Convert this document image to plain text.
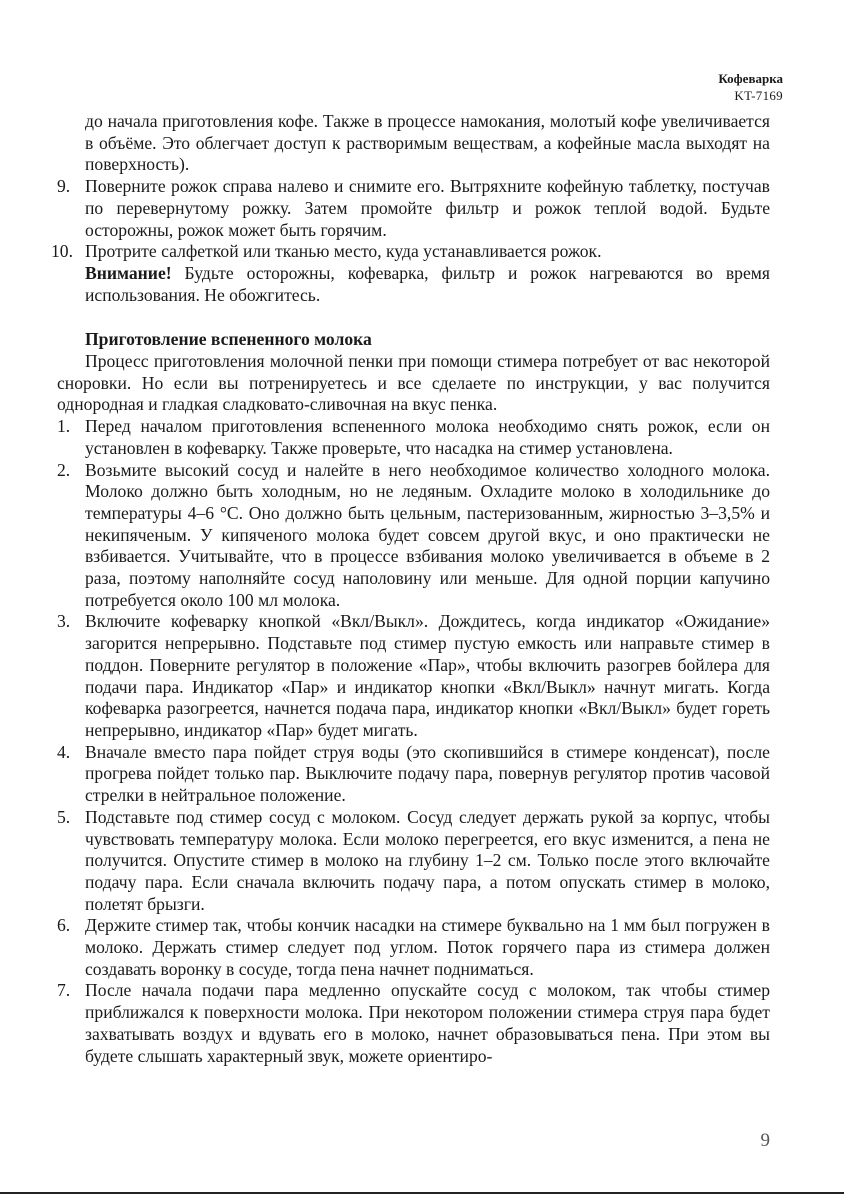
Кофеварка
KT-7169

до начала приготовления кофе. Также в процессе намокания, молотый кофе увеличивается в объёме. Это облегчает доступ к растворимым веществам, а кофейные масла выходят на поверхность).

9. Поверните рожок справа налево и снимите его. Вытряхните кофейную таблетку, постучав по перевернутому рожку. Затем промойте фильтр и рожок теплой водой. Будьте осторожны, рожок может быть горячим.
10. Протрите салфеткой или тканью место, куда устанавливается рожок.
Внимание! Будьте осторожны, кофеварка, фильтр и рожок нагреваются во время использования. Не обожгитесь.

Приготовление вспененного молока

Процесс приготовления молочной пенки при помощи стимера потребует от вас некоторой сноровки. Но если вы потренируетесь и все сделаете по инструкции, у вас получится однородная и гладкая сладковато-сливочная на вкус пенка.

1. Перед началом приготовления вспененного молока необходимо снять рожок, если он установлен в кофеварку. Также проверьте, что насадка на стимер установлена.
2. Возьмите высокий сосуд и налейте в него необходимое количество холодного молока. Молоко должно быть холодным, но не ледяным. Охладите молоко в холодильнике до температуры 4–6 °С. Оно должно быть цельным, пастеризованным, жирностью 3–3,5% и некипяченым. У кипяченого молока будет совсем другой вкус, и оно практически не взбивается. Учитывайте, что в процессе взбивания молоко увеличивается в объеме в 2 раза, поэтому наполняйте сосуд наполовину или меньше. Для одной порции капучино потребуется около 100 мл молока.
3. Включите кофеварку кнопкой «Вкл/Выкл». Дождитесь, когда индикатор «Ожидание» загорится непрерывно. Подставьте под стимер пустую емкость или направьте стимер в поддон. Поверните регулятор в положение «Пар», чтобы включить разогрев бойлера для подачи пара. Индикатор «Пар» и индикатор кнопки «Вкл/Выкл» начнут мигать. Когда кофеварка разогреется, начнется подача пара, индикатор кнопки «Вкл/Выкл» будет гореть непрерывно, индикатор «Пар» будет мигать.
4. Вначале вместо пара пойдет струя воды (это скопившийся в стимере конденсат), после прогрева пойдет только пар. Выключите подачу пара, повернув регулятор против часовой стрелки в нейтральное положение.
5. Подставьте под стимер сосуд с молоком. Сосуд следует держать рукой за корпус, чтобы чувствовать температуру молока. Если молоко перегреется, его вкус изменится, а пена не получится. Опустите стимер в молоко на глубину 1–2 см. Только после этого включайте подачу пара. Если сначала включить подачу пара, а потом опускать стимер в молоко, полетят брызги.
6. Держите стимер так, чтобы кончик насадки на стимере буквально на 1 мм был погружен в молоко. Держать стимер следует под углом. Поток горячего пара из стимера должен создавать воронку в сосуде, тогда пена начнет подниматься.
7. После начала подачи пара медленно опускайте сосуд с молоком, так чтобы стимер приближался к поверхности молока. При некотором положении стимера струя пара будет захватывать воздух и вдувать его в молоко, начнет образовываться пена. При этом вы будете слышать характерный звук, можете ориентиро-
9
